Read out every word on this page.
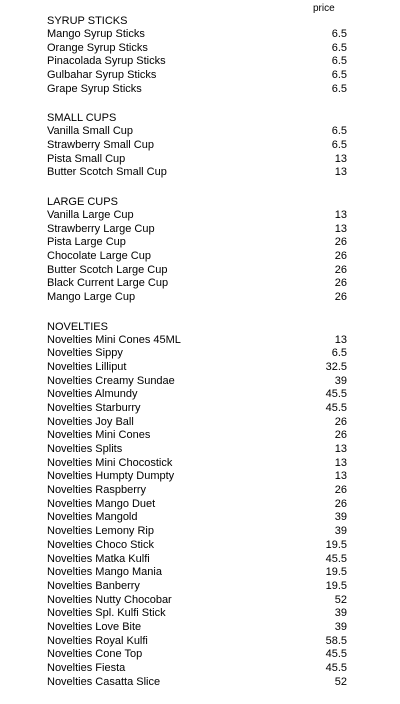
price
SYRUP STICKS
Mango Syrup Sticks	6.5
Orange Syrup Sticks	6.5
Pinacolada Syrup Sticks	6.5
Gulbahar Syrup Sticks	6.5
Grape Syrup Sticks	6.5
SMALL CUPS
Vanilla Small Cup	6.5
Strawberry Small Cup	6.5
Pista Small Cup	13
Butter Scotch Small Cup	13
LARGE CUPS
Vanilla Large Cup	13
Strawberry Large Cup	13
Pista Large Cup	26
Chocolate Large Cup	26
Butter Scotch Large Cup	26
Black Current Large Cup	26
Mango Large Cup	26
NOVELTIES
Novelties Mini Cones 45ML	13
Novelties Sippy	6.5
Novelties Lilliput	32.5
Novelties Creamy Sundae	39
Novelties Almundy	45.5
Novelties Starburry	45.5
Novelties Joy Ball	26
Novelties Mini Cones	26
Novelties Splits	13
Novelties Mini Chocostick	13
Novelties Humpty Dumpty	13
Novelties Raspberry	26
Novelties Mango Duet	26
Novelties Mangold	39
Novelties Lemony Rip	39
Novelties Choco Stick	19.5
Novelties Matka Kulfi	45.5
Novelties Mango Mania	19.5
Novelties Banberry	19.5
Novelties Nutty Chocobar	52
Novelties Spl. Kulfi Stick	39
Novelties Love Bite	39
Novelties Royal Kulfi	58.5
Novelties Cone Top	45.5
Novelties Fiesta	45.5
Novelties Casatta Slice	52
